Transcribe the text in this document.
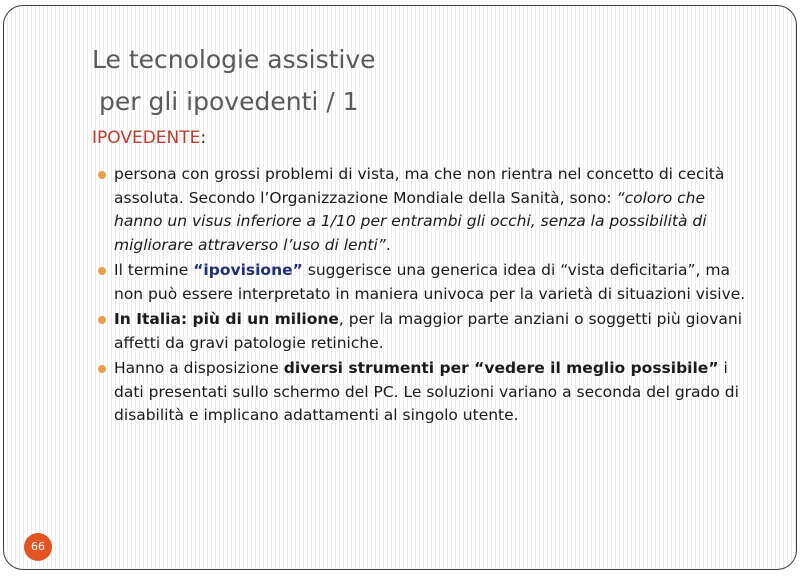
Le tecnologie assistive
per gli ipovedenti / 1

IPOVEDENTE:

persona con grossi problemi di vista, ma che non rientra nel concetto di cecità assoluta. Secondo l’Organizzazione Mondiale della Sanità, sono: “coloro che hanno un visus inferiore a 1/10 per entrambi gli occhi, senza la possibilità di migliorare attraverso l’uso di lenti”.
Il termine “ipovisione” suggerisce una generica idea di “vista deficitaria”, ma non può essere interpretato in maniera univoca per la varietà di situazioni visive.
In Italia: più di un milione, per la maggior parte anziani o soggetti più giovani affetti da gravi patologie retiniche.
Hanno a disposizione diversi strumenti per “vedere il meglio possibile” i dati presentati sullo schermo del PC. Le soluzioni variano a seconda del grado di disabilità e implicano adattamenti al singolo utente.
66
